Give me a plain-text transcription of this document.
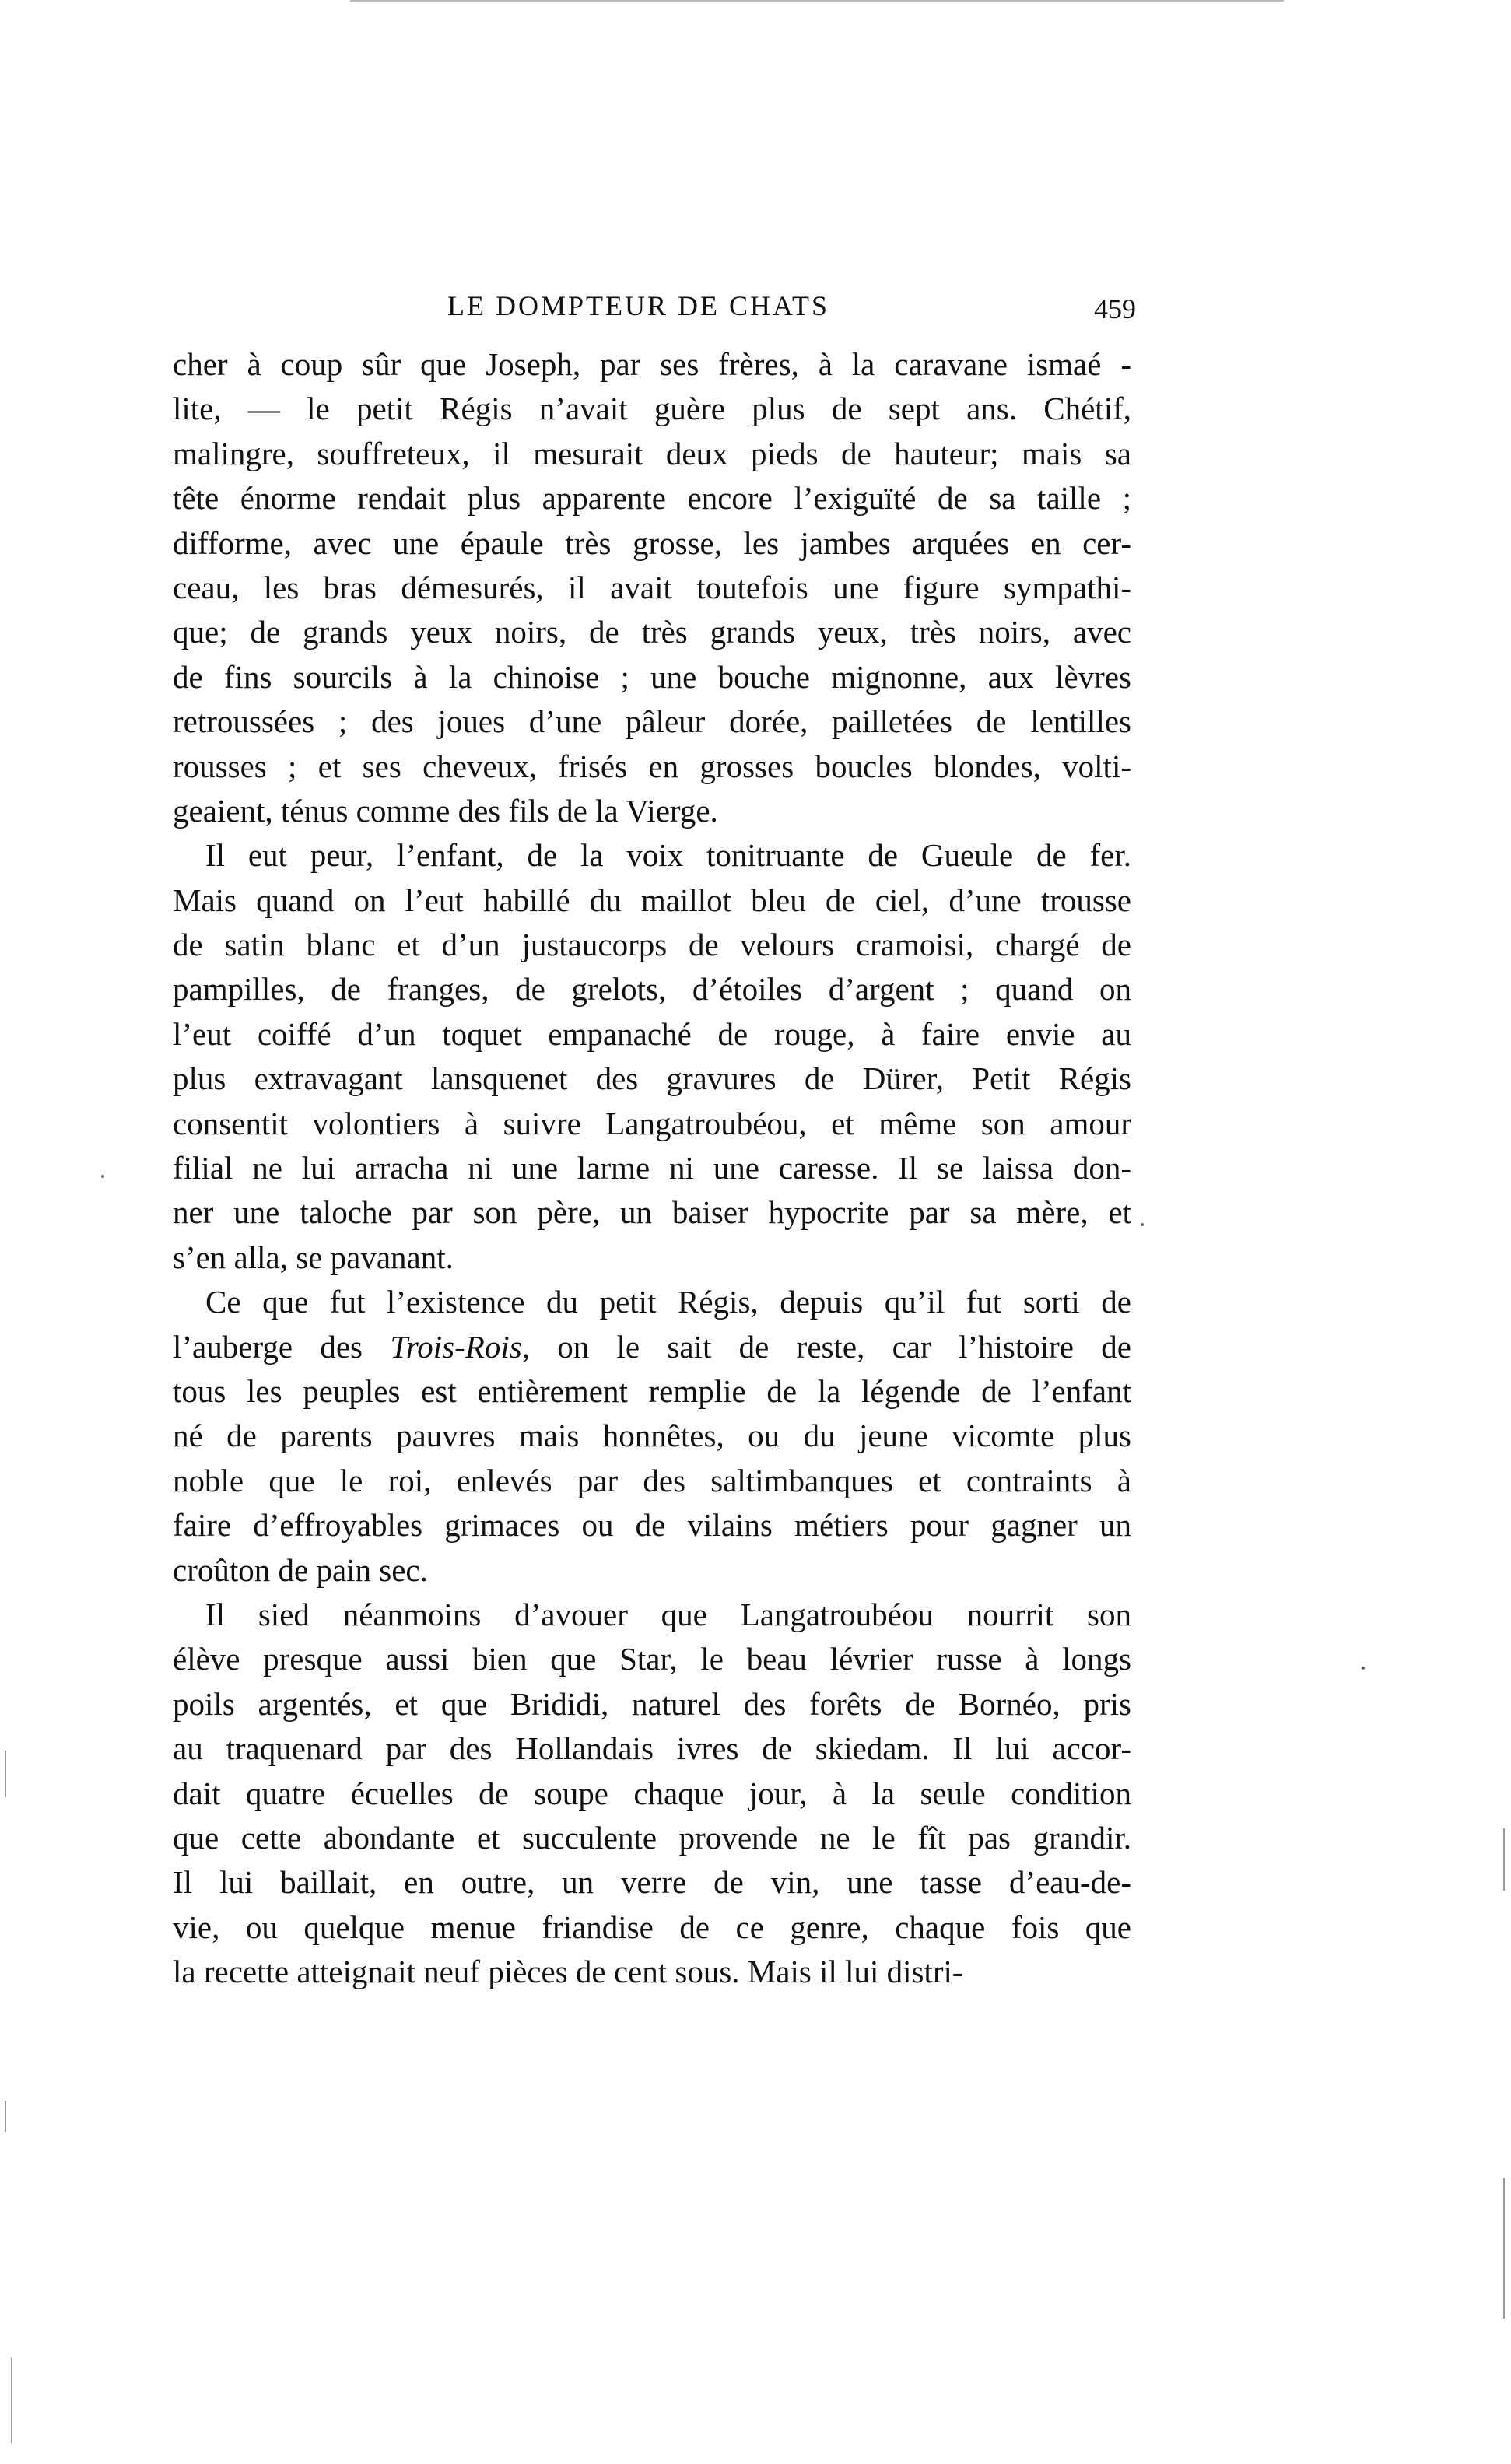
LE DOMPTEUR DE CHATS	459
cher à coup sûr que Joseph, par ses frères, à la caravane ismaé -
lite, — le petit Régis n’avait guère plus de sept ans. Chétif,
malingre, souffreteux, il mesurait deux pieds de hauteur; mais sa
tête énorme rendait plus apparente encore l’exiguïté de sa taille ;
difforme, avec une épaule très grosse, les jambes arquées en cer-
ceau, les bras démesurés, il avait toutefois une figure sympathi-
que; de grands yeux noirs, de très grands yeux, très noirs, avec
de fins sourcils à la chinoise ; une bouche mignonne, aux lèvres
retroussées ; des joues d’une pâleur dorée, pailletées de lentilles
rousses ; et ses cheveux, frisés en grosses boucles blondes, volti-
geaient, ténus comme des fils de la Vierge.
Il eut peur, l’enfant, de la voix tonitruante de Gueule de fer.
Mais quand on l’eut habillé du maillot bleu de ciel, d’une trousse
de satin blanc et d’un justaucorps de velours cramoisi, chargé de
pampilles, de franges, de grelots, d’étoiles d’argent ; quand on
l’eut coiffé d’un toquet empanaché de rouge, à faire envie au
plus extravagant lansquenet des gravures de Dürer, Petit Régis
consentit volontiers à suivre Langatroubéou, et même son amour
filial ne lui arracha ni une larme ni une caresse. Il se laissa don-
ner une taloche par son père, un baiser hypocrite par sa mère, et
s’en alla, se pavanant.
Ce que fut l’existence du petit Régis, depuis qu’il fut sorti de
l’auberge des Trois-Rois, on le sait de reste, car l’histoire de
tous les peuples est entièrement remplie de la légende de l’enfant
né de parents pauvres mais honnêtes, ou du jeune vicomte plus
noble que le roi, enlevés par des saltimbanques et contraints à
faire d’effroyables grimaces ou de vilains métiers pour gagner un
croûton de pain sec.
Il sied néanmoins d’avouer que Langatroubéou nourrit son
élève presque aussi bien que Star, le beau lévrier russe à longs
poils argentés, et que Brididi, naturel des forêts de Bornéo, pris
au traquenard par des Hollandais ivres de skiedam. Il lui accor-
dait quatre écuelles de soupe chaque jour, à la seule condition
que cette abondante et succulente provende ne le fît pas grandir.
Il lui baillait, en outre, un verre de vin, une tasse d’eau-de-
vie, ou quelque menue friandise de ce genre, chaque fois que
la recette atteignait neuf pièces de cent sous. Mais il lui distri-
